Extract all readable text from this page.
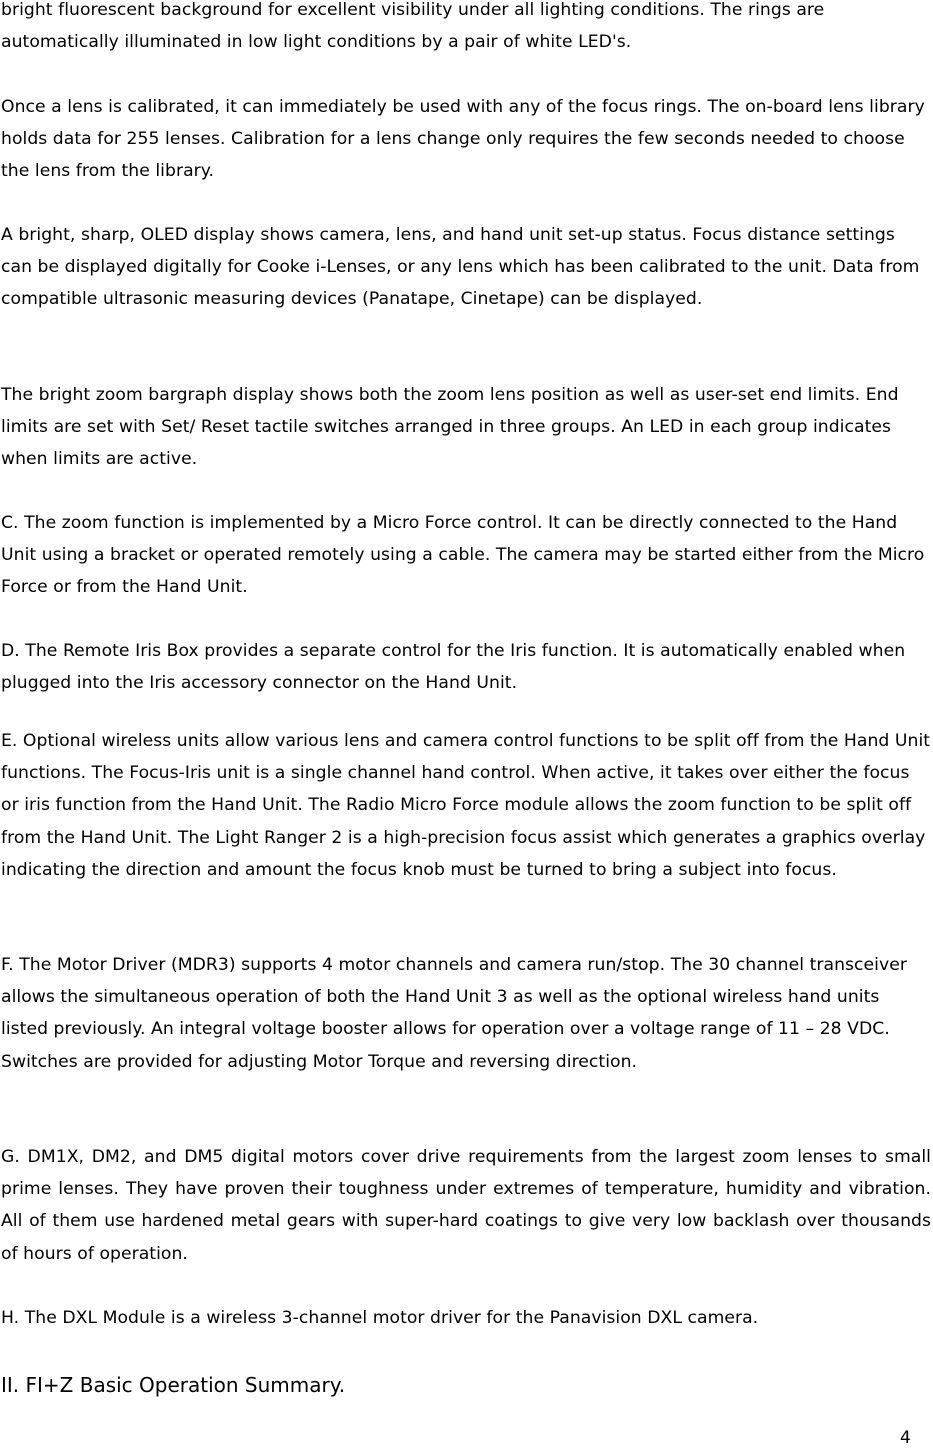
bright fluorescent background for excellent visibility under all lighting conditions. The rings are automatically illuminated in low light conditions by a pair of white LED's.

Once a lens is calibrated, it can immediately be used with any of the focus rings. The on-board lens library holds data for 255 lenses. Calibration for a lens change only requires the few seconds needed to choose the lens from the library.

A bright, sharp, OLED display shows camera, lens, and hand unit set-up status. Focus distance settings can be displayed digitally for Cooke i-Lenses, or any lens which has been calibrated to the unit. Data from compatible ultrasonic measuring devices (Panatape, Cinetape) can be displayed.

The bright zoom bargraph display shows both the zoom lens position as well as user-set end limits. End limits are set with Set/ Reset tactile switches arranged in three groups. An LED in each group indicates when limits are active.

C. The zoom function is implemented by a Micro Force control. It can be directly connected to the Hand Unit using a bracket or operated remotely using a cable. The camera may be started either from the Micro Force or from the Hand Unit.

D. The Remote Iris Box provides a separate control for the Iris function. It is automatically enabled when plugged into the Iris accessory connector on the Hand Unit.

E. Optional wireless units allow various lens and camera control functions to be split off from the Hand Unit functions. The Focus-Iris unit is a single channel hand control. When active, it takes over either the focus or iris function from the Hand Unit. The Radio Micro Force module allows the zoom function to be split off from the Hand Unit. The Light Ranger 2 is a high-precision focus assist which generates a graphics overlay indicating the direction and amount the focus knob must be turned to bring a subject into focus.

F. The Motor Driver (MDR3) supports 4 motor channels and camera run/stop. The 30 channel transceiver allows the simultaneous operation of both the Hand Unit 3 as well as the optional wireless hand units listed previously. An integral voltage booster allows for operation over a voltage range of 11 – 28 VDC. Switches are provided for adjusting Motor Torque and reversing direction.

G. DM1X, DM2, and DM5 digital motors cover drive requirements from the largest zoom lenses to small prime lenses. They have proven their toughness under extremes of temperature, humidity and vibration. All of them use hardened metal gears with super-hard coatings to give very low backlash over thousands of hours of operation.

H. The DXL Module is a wireless 3-channel motor driver for the Panavision DXL camera.

II. FI+Z Basic Operation Summary.
4
